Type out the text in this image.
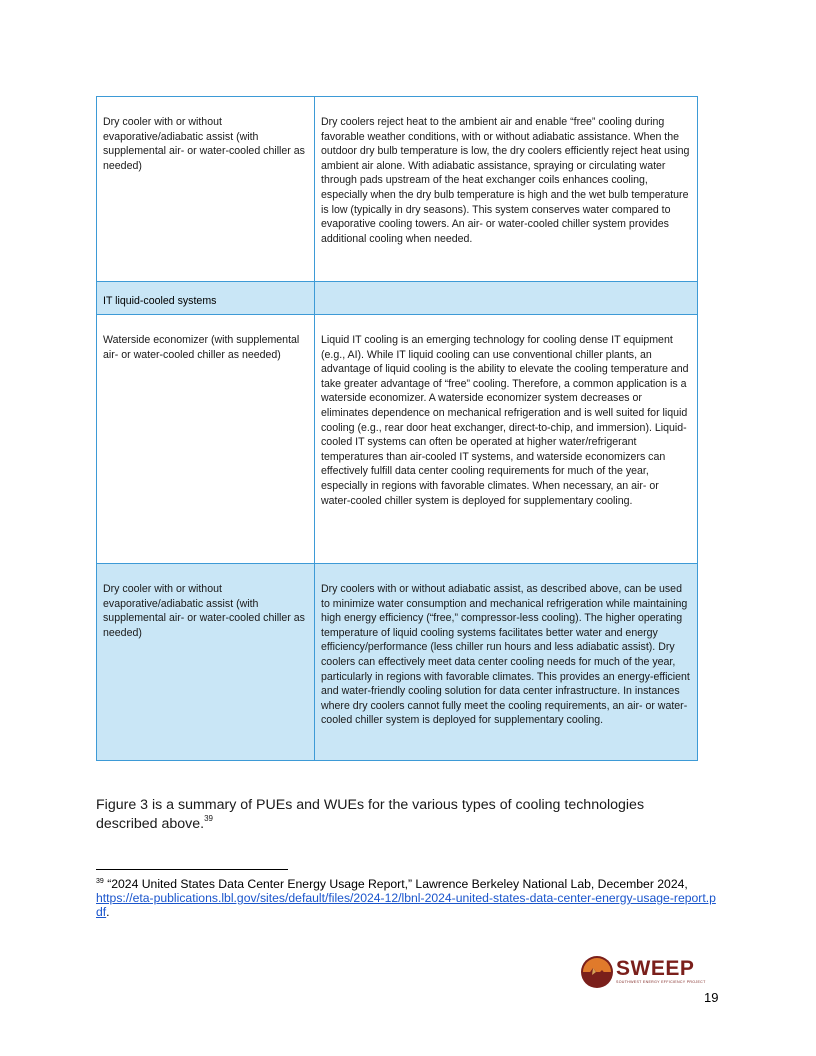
Dry cooler with or without evaporative/adiabatic assist (with supplemental air- or water-cooled chiller as needed)	Dry coolers reject heat to the ambient air and enable “free” cooling during favorable weather conditions, with or without adiabatic assistance. When the outdoor dry bulb temperature is low, the dry coolers efficiently reject heat using ambient air alone. With adiabatic assistance, spraying or circulating water through pads upstream of the heat exchanger coils enhances cooling, especially when the dry bulb temperature is high and the wet bulb temperature is low (typically in dry seasons). This system conserves water compared to evaporative cooling towers. An air- or water-cooled chiller system provides additional cooling when needed.
IT liquid-cooled systems	
Waterside economizer (with supplemental air- or water-cooled chiller as needed)	Liquid IT cooling is an emerging technology for cooling dense IT equipment (e.g., AI). While IT liquid cooling can use conventional chiller plants, an advantage of liquid cooling is the ability to elevate the cooling temperature and take greater advantage of “free” cooling. Therefore, a common application is a waterside economizer. A waterside economizer system decreases or eliminates dependence on mechanical refrigeration and is well suited for liquid cooling (e.g., rear door heat exchanger, direct-to-chip, and immersion). Liquid-cooled IT systems can often be operated at higher water/refrigerant temperatures than air-cooled IT systems, and waterside economizers can effectively fulfill data center cooling requirements for much of the year, especially in regions with favorable climates. When necessary, an air- or water-cooled chiller system is deployed for supplementary cooling.
Dry cooler with or without evaporative/adiabatic assist (with supplemental air- or water-cooled chiller as needed)	Dry coolers with or without adiabatic assist, as described above, can be used to minimize water consumption and mechanical refrigeration while maintaining high energy efficiency (“free,” compressor-less cooling). The higher operating temperature of liquid cooling systems facilitates better water and energy efficiency/performance (less chiller run hours and less adiabatic assist). Dry coolers can effectively meet data center cooling needs for much of the year, particularly in regions with favorable climates. This provides an energy-efficient and water-friendly cooling solution for data center infrastructure. In instances where dry coolers cannot fully meet the cooling requirements, an air- or water-cooled chiller system is deployed for supplementary cooling.

Figure 3 is a summary of PUEs and WUEs for the various types of cooling technologies described above.$^{39}$

$^{39}$ “2024 United States Data Center Energy Usage Report,” Lawrence Berkeley National Lab, December 2024,
https://eta-publications.lbl.gov/sites/default/files/2024-12/lbnl-2024-united-states-data-center-energy-usage-report.pdf.
SWEEP
SOUTHWEST ENERGY EFFICIENCY PROJECT
19
